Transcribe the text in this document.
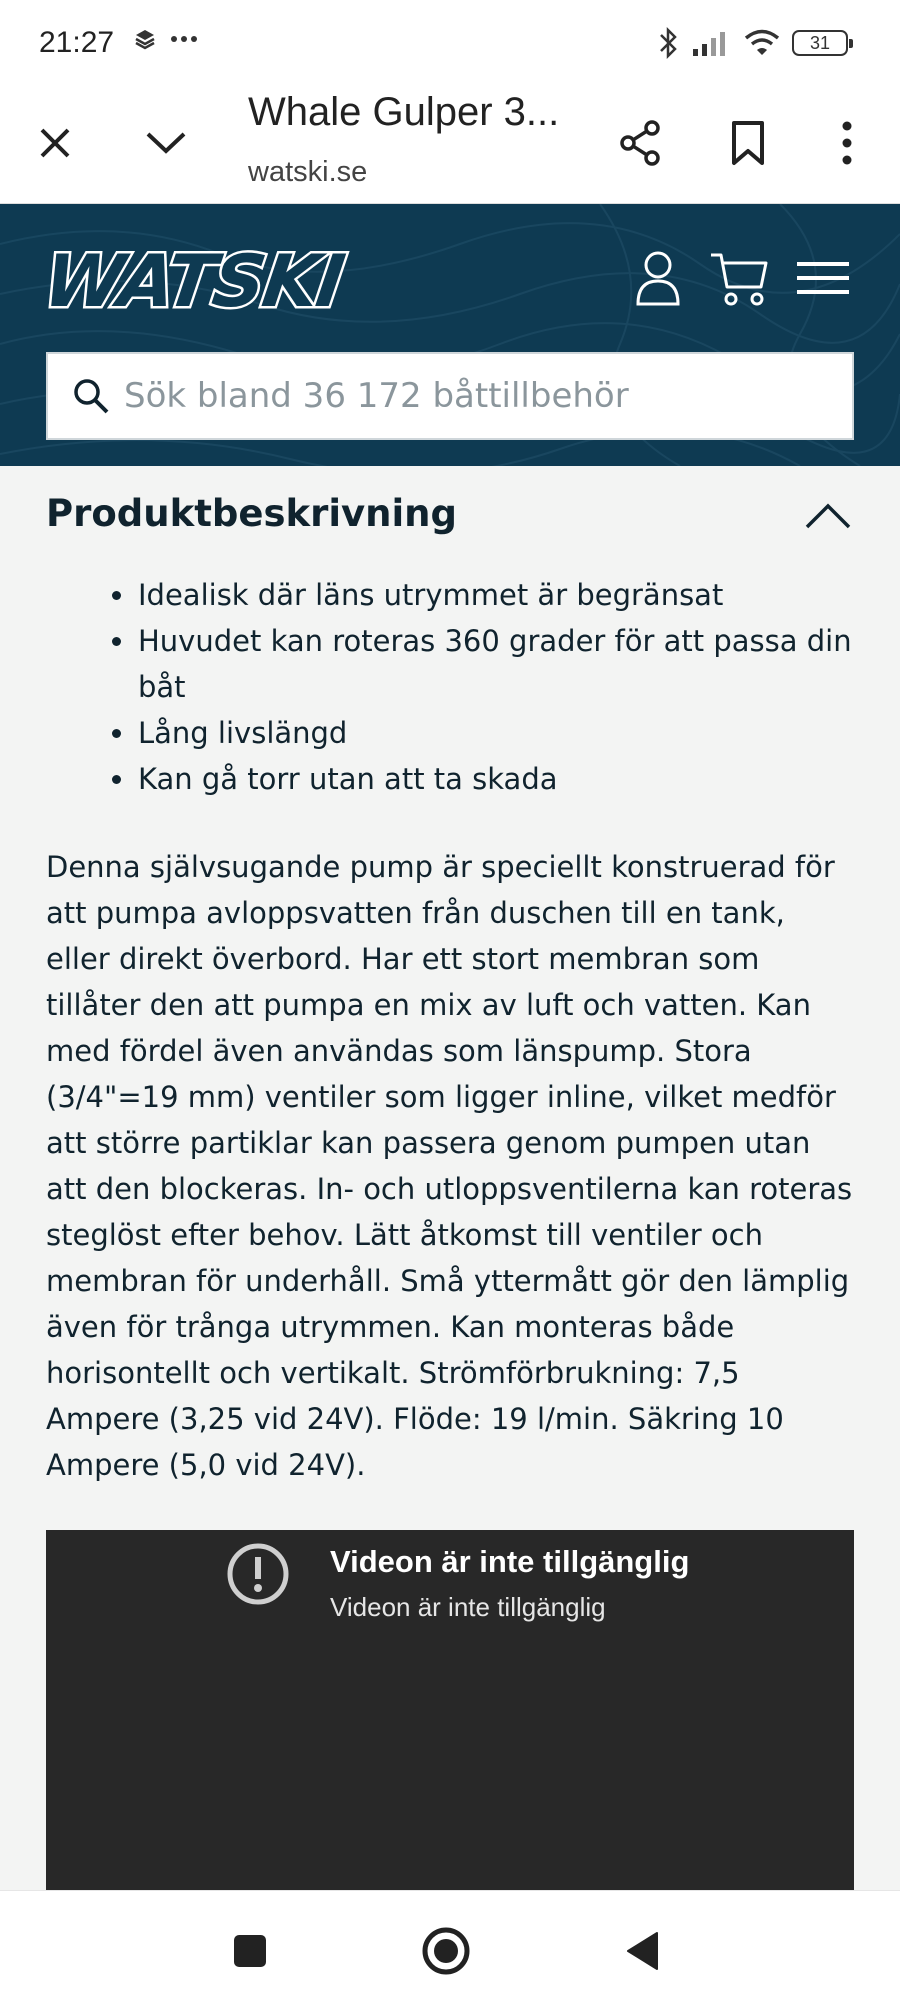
21:27	31
Whale Gulper 3...
watski.se
WATSKI
Sök bland 36 172 båttillbehör
Produktbeskrivning
Idealisk där läns utrymmet är begränsat
Huvudet kan roteras 360 grader för att passa din båt
Lång livslängd
Kan gå torr utan att ta skada

Denna självsugande pump är speciellt konstruerad för att pumpa avloppsvatten från duschen till en tank, eller direkt överbord. Har ett stort membran som tillåter den att pumpa en mix av luft och vatten. Kan med fördel även användas som länspump. Stora (3/4"=19 mm) ventiler som ligger inline, vilket medför att större partiklar kan passera genom pumpen utan att den blockeras. In- och utloppsventilerna kan roteras steglöst efter behov. Lätt åtkomst till ventiler och membran för underhåll. Små yttermått gör den lämplig även för trånga utrymmen. Kan monteras både horisontellt och vertikalt. Strömförbrukning: 7,5 Ampere (3,25 vid 24V). Flöde: 19 l/min. Säkring 10 Ampere (5,0 vid 24V).

Videon är inte tillgänglig
Videon är inte tillgänglig
